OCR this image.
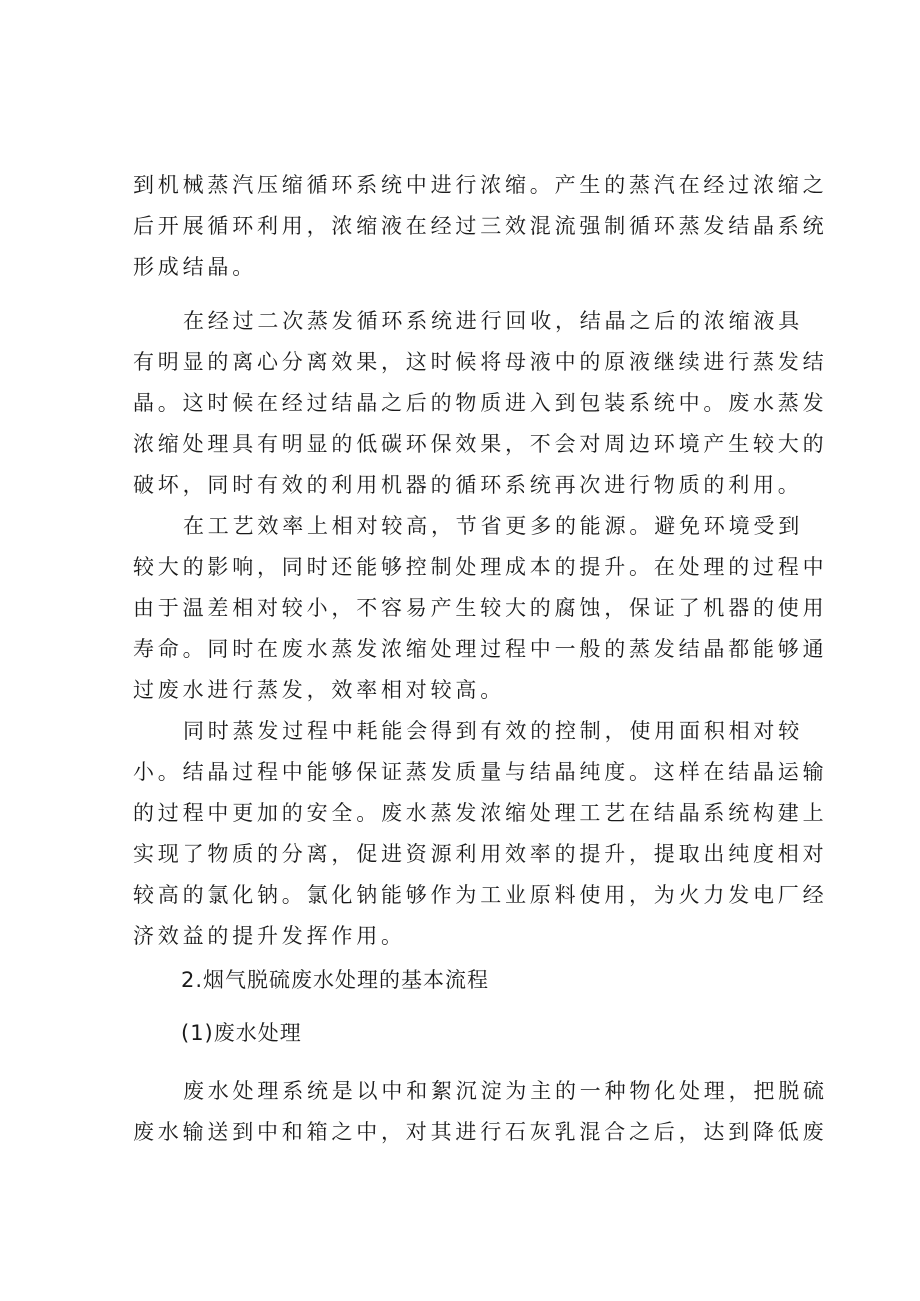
到机械蒸汽压缩循环系统中进行浓缩。产生的蒸汽在经过浓缩之
后开展循环利用，浓缩液在经过三效混流强制循环蒸发结晶系统
形成结晶。
在经过二次蒸发循环系统进行回收，结晶之后的浓缩液具
有明显的离心分离效果，这时候将母液中的原液继续进行蒸发结
晶。这时候在经过结晶之后的物质进入到包装系统中。废水蒸发
浓缩处理具有明显的低碳环保效果，不会对周边环境产生较大的
破坏，同时有效的利用机器的循环系统再次进行物质的利用。
在工艺效率上相对较高，节省更多的能源。避免环境受到
较大的影响，同时还能够控制处理成本的提升。在处理的过程中
由于温差相对较小，不容易产生较大的腐蚀，保证了机器的使用
寿命。同时在废水蒸发浓缩处理过程中一般的蒸发结晶都能够通
过废水进行蒸发，效率相对较高。
同时蒸发过程中耗能会得到有效的控制，使用面积相对较
小。结晶过程中能够保证蒸发质量与结晶纯度。这样在结晶运输
的过程中更加的安全。废水蒸发浓缩处理工艺在结晶系统构建上
实现了物质的分离，促进资源利用效率的提升，提取出纯度相对
较高的氯化钠。氯化钠能够作为工业原料使用，为火力发电厂经
济效益的提升发挥作用。
2.烟气脱硫废水处理的基本流程
(1)废水处理
废水处理系统是以中和絮沉淀为主的一种物化处理，把脱硫
废水输送到中和箱之中，对其进行石灰乳混合之后，达到降低废
